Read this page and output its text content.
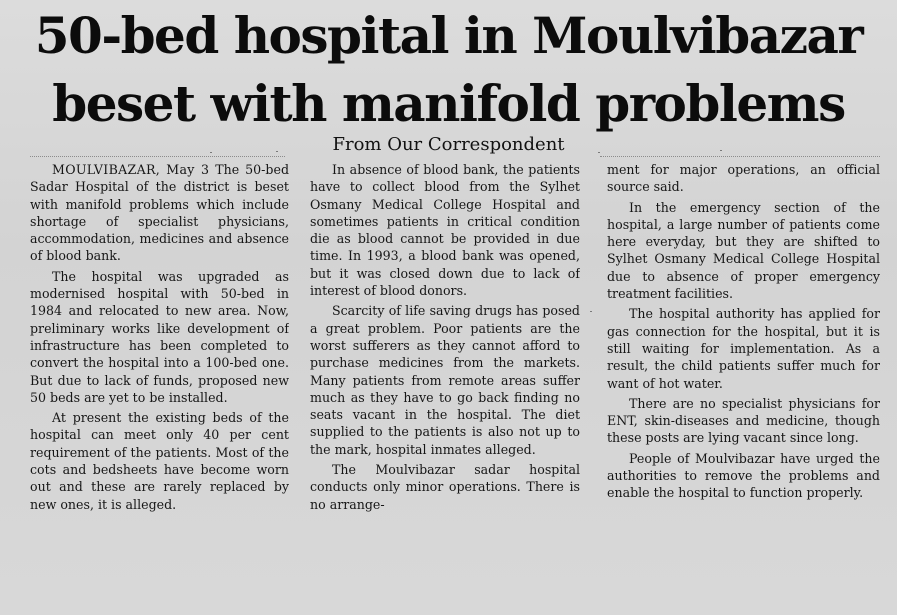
50-bed hospital in Moulvibazar
beset with manifold problems
From Our Correspondent

MOULVIBAZAR, May 3 The 50-bed Sadar Hospital of the district is beset with manifold problems which include shortage of specialist physicians, accommodation, medicines and absence of blood bank.

The hospital was upgraded as modernised hospital with 50-bed in 1984 and relocated to new area. Now, preliminary works like development of infrastructure has been completed to convert the hospital into a 100-bed one. But due to lack of funds, proposed new 50 beds are yet to be installed.

At present the existing beds of the hospital can meet only 40 per cent requirement of the patients. Most of the cots and bedsheets have become worn out and these are rarely replaced by new ones, it is alleged.

In absence of blood bank, the patients have to collect blood from the Sylhet Osmany Medical College Hospital and sometimes patients in critical condition die as blood cannot be provided in due time. In 1993, a blood bank was opened, but it was closed down due to lack of interest of blood donors.

Scarcity of life saving drugs has posed a great problem. Poor patients are the worst sufferers as they cannot afford to purchase medicines from the markets. Many patients from remote areas suffer much as they have to go back finding no seats vacant in the hospital. The diet supplied to the patients is also not up to the mark, hospital inmates alleged.

The Moulvibazar sadar hospital conducts only minor operations. There is no arrange-

ment for major operations, an official source said.

In the emergency section of the hospital, a large number of patients come here everyday, but they are shifted to Sylhet Osmany Medical College Hospital due to absence of proper emergency treatment facilities.

The hospital authority has applied for gas connection for the hospital, but it is still waiting for implementation. As a result, the child patients suffer much for want of hot water.

There are no specialist physicians for ENT, skin-diseases and medicine, though these posts are lying vacant since long.

People of Moulvibazar have urged the authorities to remove the problems and enable the hospital to function properly.
